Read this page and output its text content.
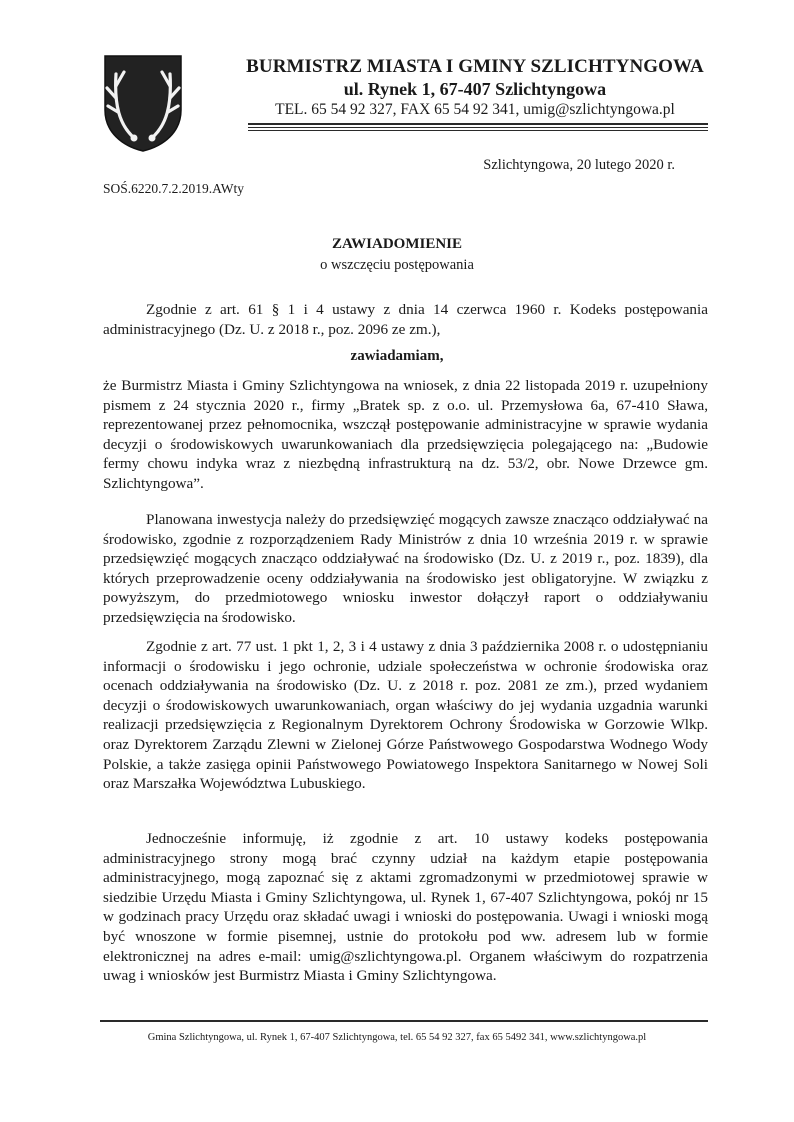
BURMISTRZ MIASTA I GMINY SZLICHTYNGOWA
ul. Rynek 1, 67-407 Szlichtyngowa
TEL. 65 54 92 327, FAX 65 54 92 341, umig@szlichtyngowa.pl
Szlichtyngowa, 20 lutego 2020 r.
SOŚ.6220.7.2.2019.AWty
ZAWIADOMIENIE
o wszczęciu postępowania
Zgodnie z art. 61 § 1 i 4 ustawy z dnia 14 czerwca 1960 r. Kodeks postępowania administracyjnego (Dz. U. z 2018 r., poz. 2096 ze zm.),
zawiadamiam,
że Burmistrz Miasta i Gminy Szlichtyngowa na wniosek, z dnia 22 listopada 2019 r. uzupełniony pismem z 24 stycznia 2020 r., firmy „Bratek sp. z o.o. ul. Przemysłowa 6a, 67-410 Sława, reprezentowanej przez pełnomocnika, wszczął postępowanie administracyjne w sprawie wydania decyzji o środowiskowych uwarunkowaniach dla przedsięwzięcia polegającego na: „Budowie fermy chowu indyka wraz z niezbędną infrastrukturą na dz. 53/2, obr. Nowe Drzewce gm. Szlichtyngowa”.
Planowana inwestycja należy do przedsięwzięć mogących zawsze znacząco oddziaływać na środowisko, zgodnie z rozporządzeniem Rady Ministrów z dnia 10 września 2019 r. w sprawie przedsięwzięć mogących znacząco oddziaływać na środowisko (Dz. U. z 2019 r., poz. 1839), dla których przeprowadzenie oceny oddziaływania na środowisko jest obligatoryjne. W związku z powyższym, do przedmiotowego wniosku inwestor dołączył raport o oddziaływaniu przedsięwzięcia na środowisko.
Zgodnie z art. 77 ust. 1 pkt 1, 2, 3 i 4 ustawy z dnia 3 października 2008 r. o udostępnianiu informacji o środowisku i jego ochronie, udziale społeczeństwa w ochronie środowiska oraz ocenach oddziaływania na środowisko (Dz. U. z 2018 r. poz. 2081 ze zm.), przed wydaniem decyzji o środowiskowych uwarunkowaniach, organ właściwy do jej wydania uzgadnia warunki realizacji przedsięwzięcia z Regionalnym Dyrektorem Ochrony Środowiska w Gorzowie Wlkp. oraz Dyrektorem Zarządu Zlewni w Zielonej Górze Państwowego Gospodarstwa Wodnego Wody Polskie, a także zasięga opinii Państwowego Powiatowego Inspektora Sanitarnego w Nowej Soli oraz Marszałka Województwa Lubuskiego.
Jednocześnie informuję, iż zgodnie z art. 10 ustawy kodeks postępowania administracyjnego strony mogą brać czynny udział na każdym etapie postępowania administracyjnego, mogą zapoznać się z aktami zgromadzonymi w przedmiotowej sprawie w siedzibie Urzędu Miasta i Gminy Szlichtyngowa, ul. Rynek 1, 67-407 Szlichtyngowa, pokój nr 15 w godzinach pracy Urzędu oraz składać uwagi i wnioski do postępowania. Uwagi i wnioski mogą być wnoszone w formie pisemnej, ustnie do protokołu pod ww. adresem lub w formie elektronicznej na adres e-mail: umig@szlichtyngowa.pl. Organem właściwym do rozpatrzenia uwag i wniosków jest Burmistrz Miasta i Gminy Szlichtyngowa.
Gmina Szlichtyngowa, ul. Rynek 1, 67-407 Szlichtyngowa, tel. 65 54 92 327, fax 65 5492 341, www.szlichtyngowa.pl
